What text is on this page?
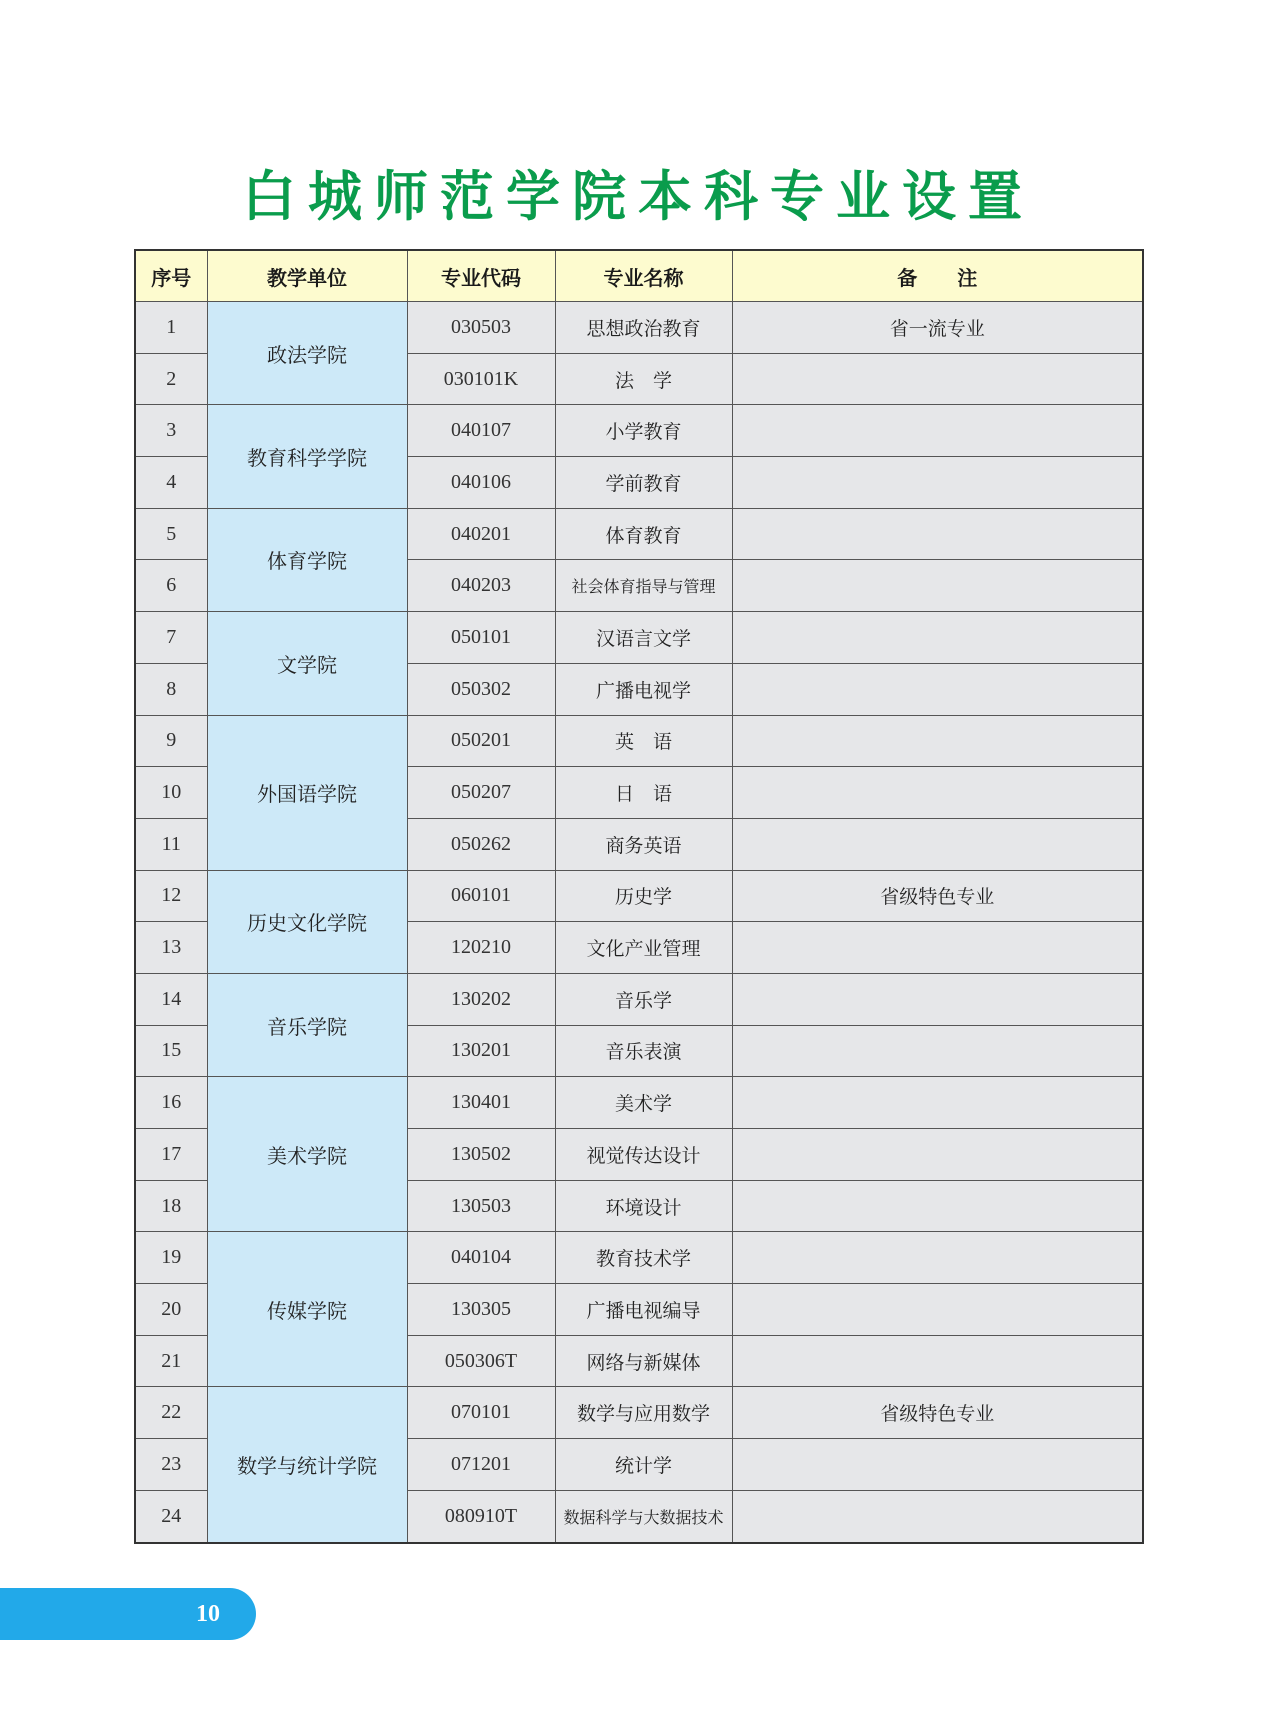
白城师范学院本科专业设置
序号	教学单位	专业代码	专业名称	备　　注
1	政法学院	030503	思想政治教育	省一流专业
2		030101K	法　学	
3	教育科学学院	040107	小学教育	
4		040106	学前教育	
5	体育学院	040201	体育教育	
6		040203	社会体育指导与管理	
7	文学院	050101	汉语言文学	
8		050302	广播电视学	
9	外国语学院	050201	英　语	
10		050207	日　语	
11		050262	商务英语	
12	历史文化学院	060101	历史学	省级特色专业
13		120210	文化产业管理	
14	音乐学院	130202	音乐学	
15		130201	音乐表演	
16	美术学院	130401	美术学	
17		130502	视觉传达设计	
18		130503	环境设计	
19	传媒学院	040104	教育技术学	
20		130305	广播电视编导	
21		050306T	网络与新媒体	
22	数学与统计学院	070101	数学与应用数学	省级特色专业
23		071201	统计学	
24		080910T	数据科学与大数据技术	
10
